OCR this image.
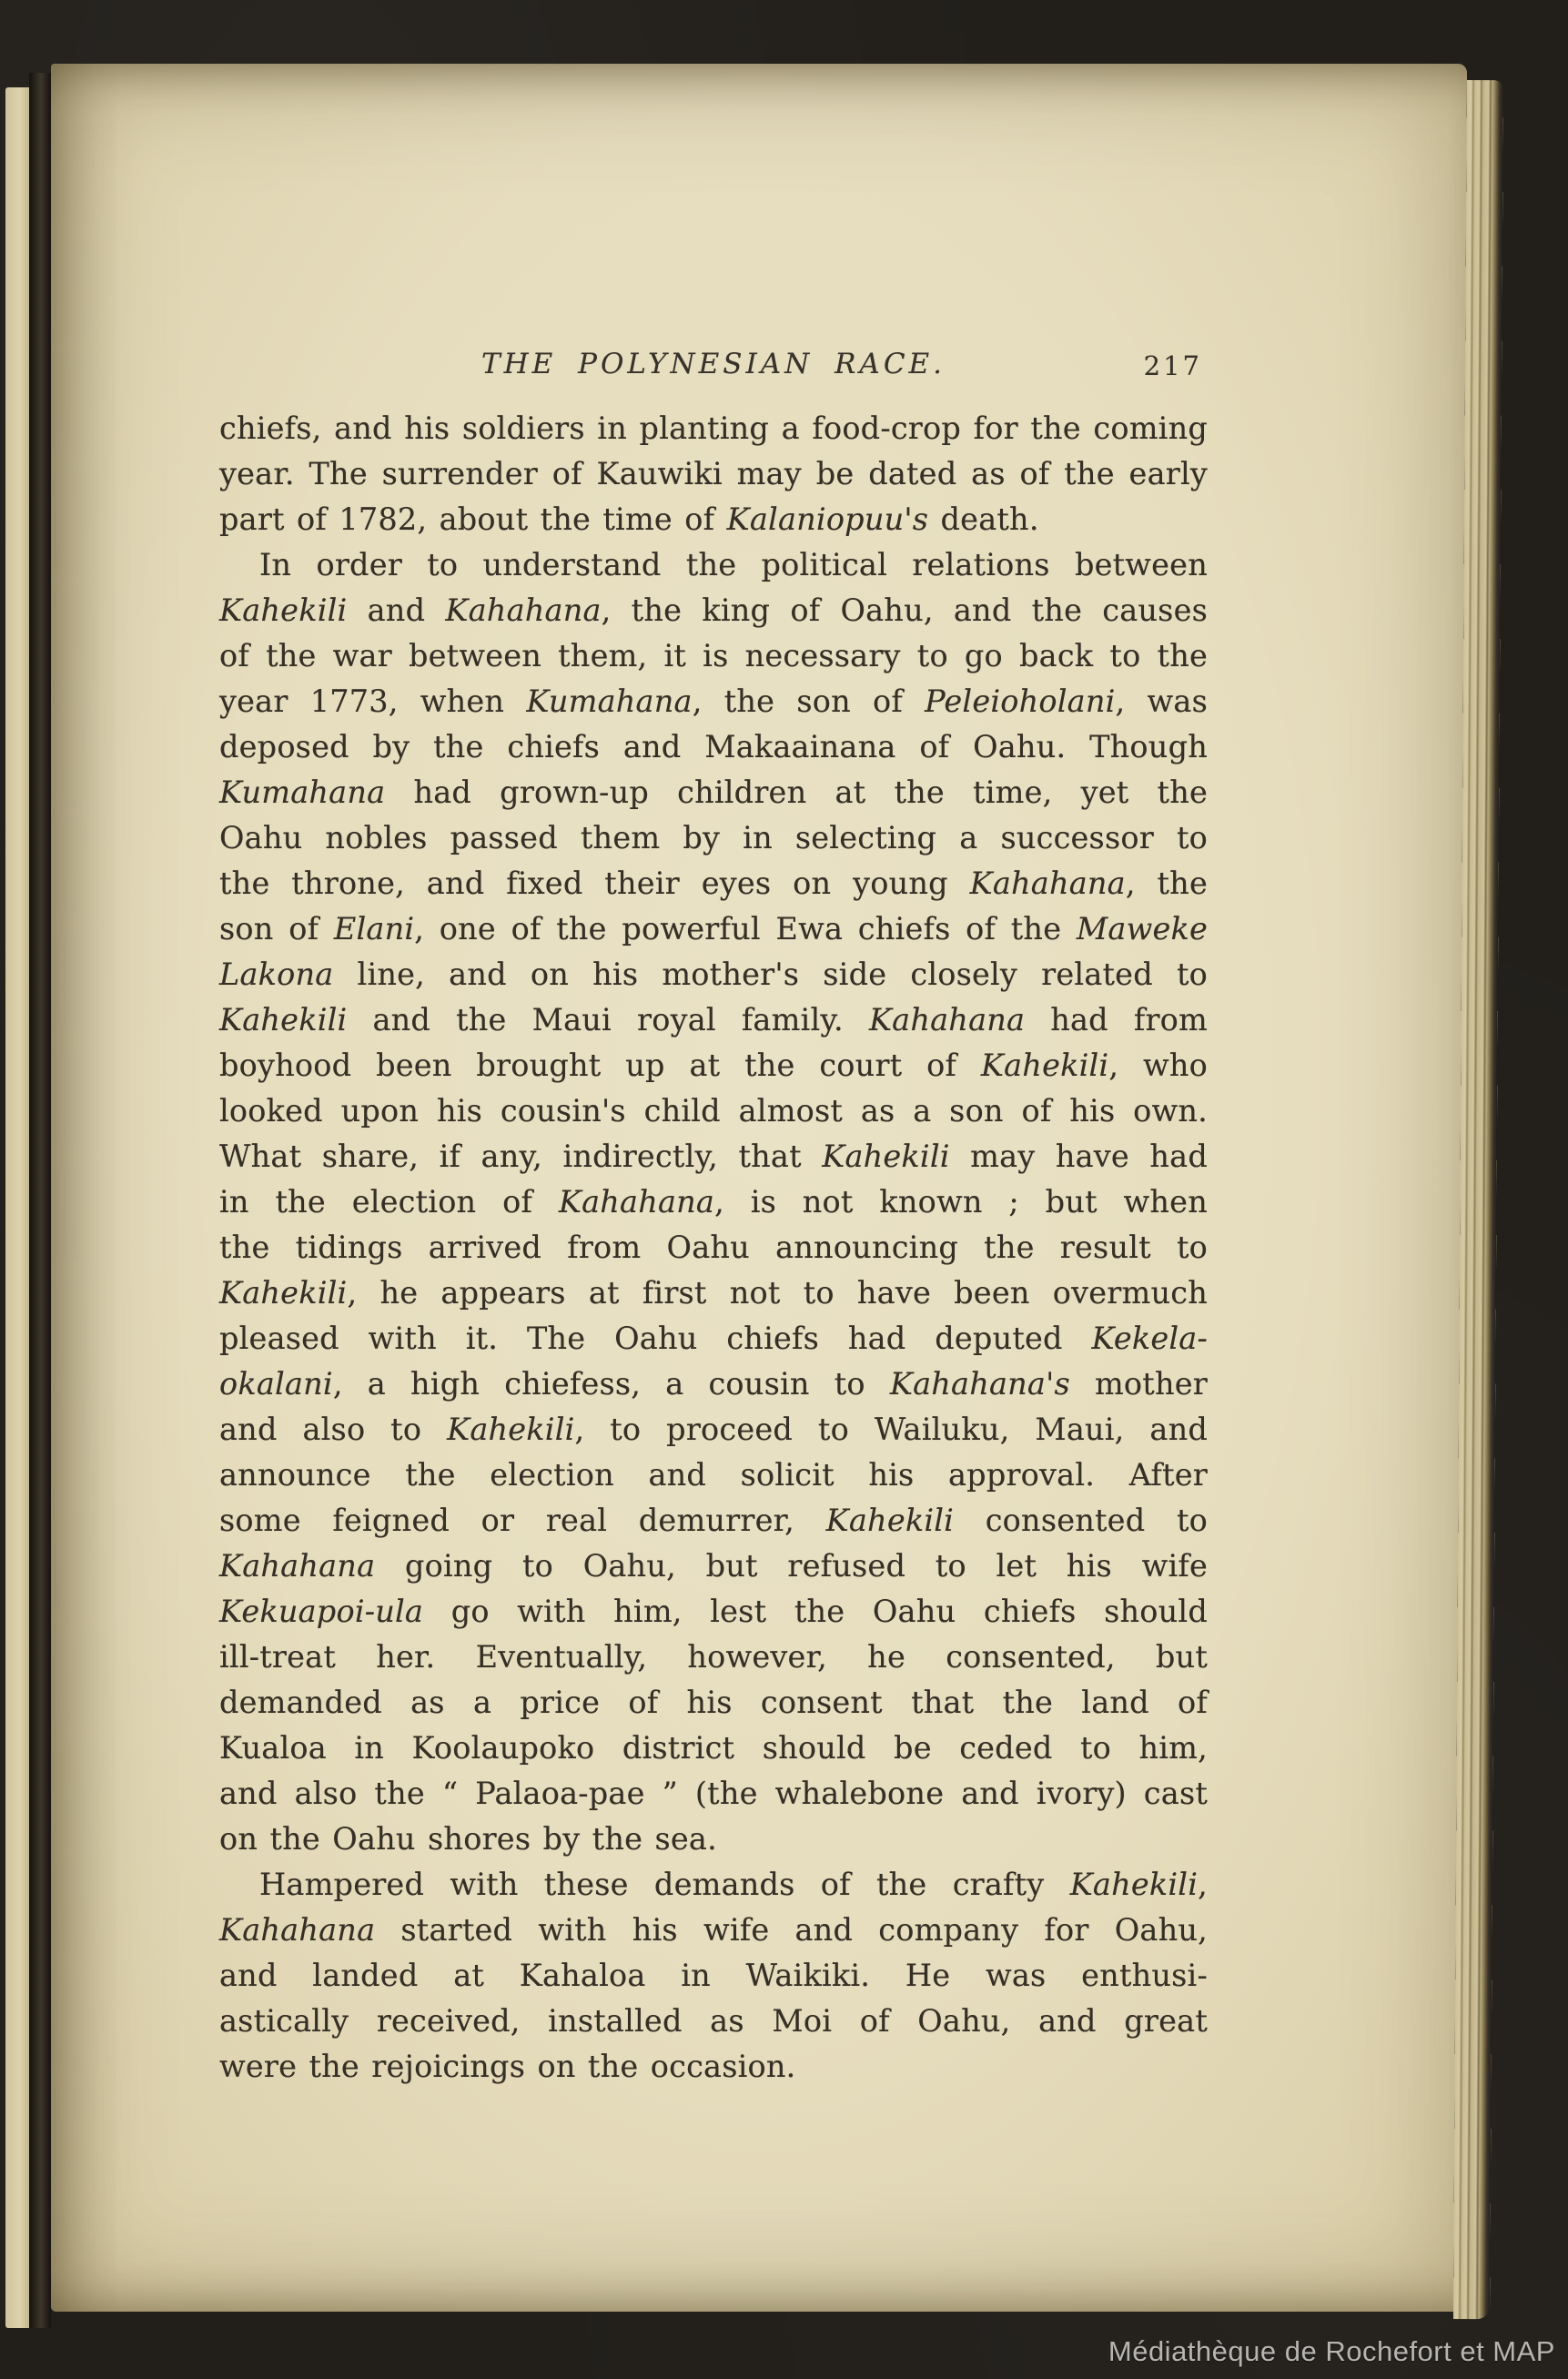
THE POLYNESIAN RACE.	217
chiefs, and his soldiers in planting a food-crop for the coming
year. The surrender of Kauwiki may be dated as of the early
part of 1782, about the time of Kalaniopuu's death.
In order to understand the political relations between
Kahekili and Kahahana, the king of Oahu, and the causes
of the war between them, it is necessary to go back to the
year 1773, when Kumahana, the son of Peleioholani, was
deposed by the chiefs and Makaainana of Oahu. Though
Kumahana had grown-up children at the time, yet the
Oahu nobles passed them by in selecting a successor to
the throne, and fixed their eyes on young Kahahana, the
son of Elani, one of the powerful Ewa chiefs of the Maweke
Lakona line, and on his mother's side closely related to
Kahekili and the Maui royal family. Kahahana had from
boyhood been brought up at the court of Kahekili, who
looked upon his cousin's child almost as a son of his own.
What share, if any, indirectly, that Kahekili may have had
in the election of Kahahana, is not known ; but when
the tidings arrived from Oahu announcing the result to
Kahekili, he appears at first not to have been overmuch
pleased with it. The Oahu chiefs had deputed Kekela-
okalani, a high chiefess, a cousin to Kahahana's mother
and also to Kahekili, to proceed to Wailuku, Maui, and
announce the election and solicit his approval. After
some feigned or real demurrer, Kahekili consented to
Kahahana going to Oahu, but refused to let his wife
Kekuapoi-ula go with him, lest the Oahu chiefs should
ill-treat her. Eventually, however, he consented, but
demanded as a price of his consent that the land of
Kualoa in Koolaupoko district should be ceded to him,
and also the “ Palaoa-pae ” (the whalebone and ivory) cast
on the Oahu shores by the sea.
Hampered with these demands of the crafty Kahekili,
Kahahana started with his wife and company for Oahu,
and landed at Kahaloa in Waikiki. He was enthusi-
astically received, installed as Moi of Oahu, and great
were the rejoicings on the occasion.
Médiathèque de Rochefort et MAP
